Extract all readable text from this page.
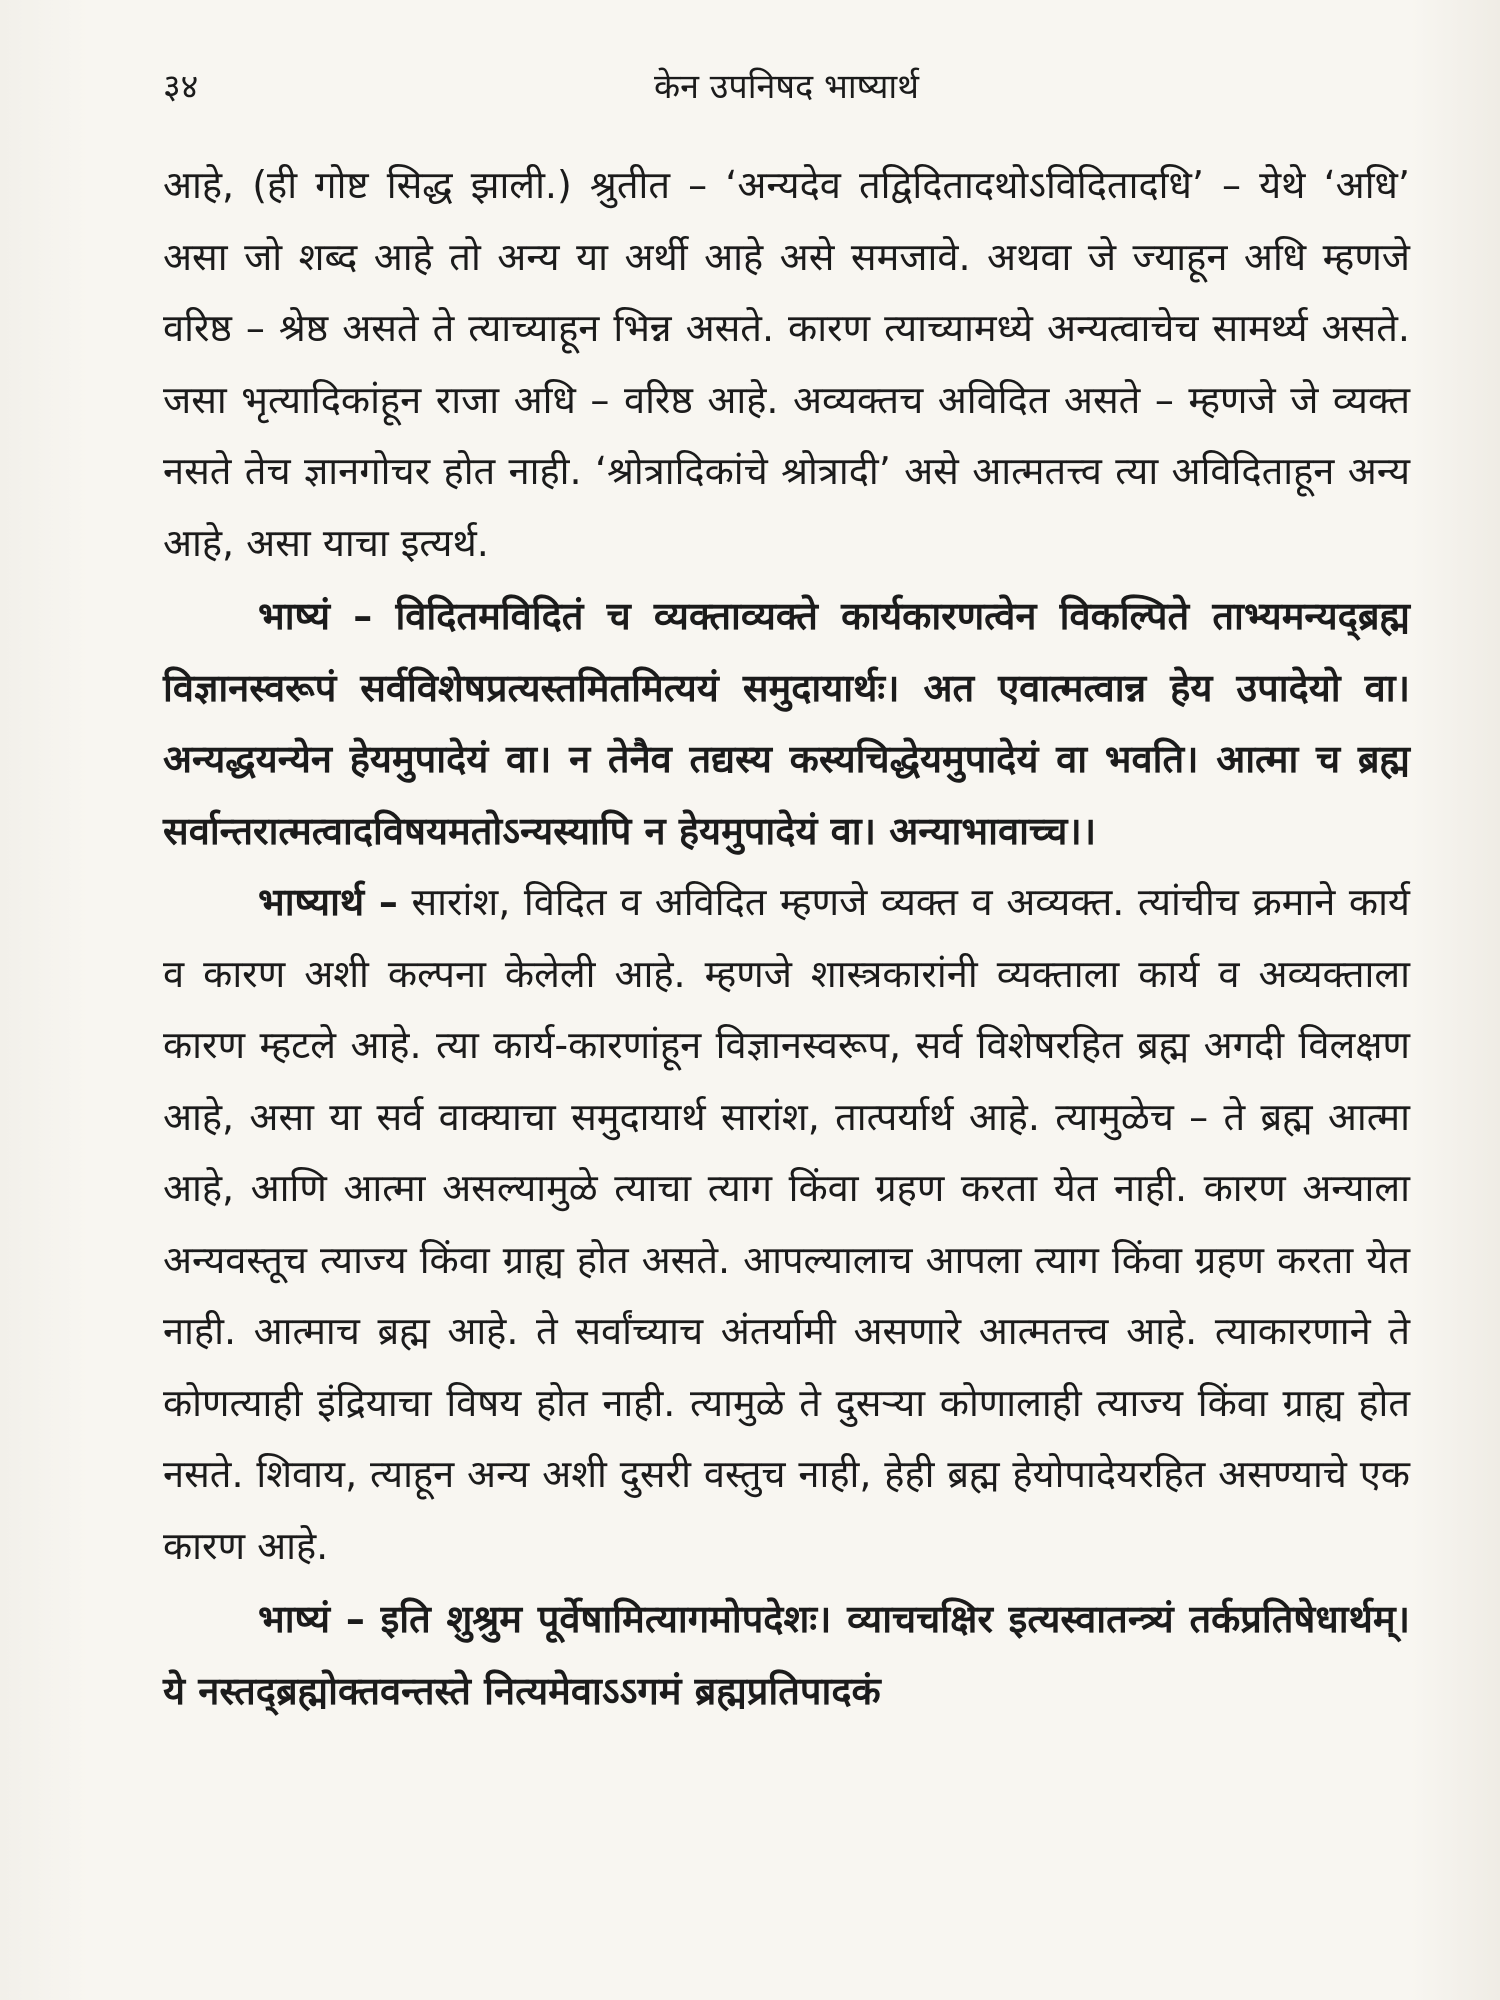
३४	केन उपनिषद भाष्यार्थ

आहे, (ही गोष्ट सिद्ध झाली.) श्रुतीत – ‘अन्यदेव तद्विदितादथोऽविदितादधि’ – येथे ‘अधि’ असा जो शब्द आहे तो अन्य या अर्थी आहे असे समजावे. अथवा जे ज्याहून अधि म्हणजे वरिष्ठ – श्रेष्ठ असते ते त्याच्याहून भिन्न असते. कारण त्याच्यामध्ये अन्यत्वाचेच सामर्थ्य असते. जसा भृत्यादिकांहून राजा अधि – वरिष्ठ आहे. अव्यक्तच अविदित असते – म्हणजे जे व्यक्त नसते तेच ज्ञानगोचर होत नाही. ‘श्रोत्रादिकांचे श्रोत्रादी’ असे आत्मतत्त्व त्या अविदिताहून अन्य आहे, असा याचा इत्यर्थ.

भाष्यं – विदितमविदितं च व्यक्ताव्यक्ते कार्यकारणत्वेन विकल्पिते ताभ्यमन्यद्ब्रह्म विज्ञानस्वरूपं सर्वविशेषप्रत्यस्तमितमित्ययं समुदायार्थः। अत एवात्मत्वान्न हेय उपादेयो वा। अन्यद्धयन्येन हेयमुपादेयं वा। न तेनैव तद्यस्य कस्यचिद्धेयमुपादेयं वा भवति। आत्मा च ब्रह्म सर्वान्तरात्मत्वादविषयमतोऽन्यस्यापि न हेयमुपादेयं वा। अन्याभावाच्च।।

भाष्यार्थ – सारांश, विदित व अविदित म्हणजे व्यक्त व अव्यक्त. त्यांचीच क्रमाने कार्य व कारण अशी कल्पना केलेली आहे. म्हणजे शास्त्रकारांनी व्यक्ताला कार्य व अव्यक्ताला कारण म्हटले आहे. त्या कार्य-कारणांहून विज्ञानस्वरूप, सर्व विशेषरहित ब्रह्म अगदी विलक्षण आहे, असा या सर्व वाक्याचा समुदायार्थ सारांश, तात्पर्यार्थ आहे. त्यामुळेच – ते ब्रह्म आत्मा आहे, आणि आत्मा असल्यामुळे त्याचा त्याग किंवा ग्रहण करता येत नाही. कारण अन्याला अन्यवस्तूच त्याज्य किंवा ग्राह्य होत असते. आपल्यालाच आपला त्याग किंवा ग्रहण करता येत नाही. आत्माच ब्रह्म आहे. ते सर्वांच्याच अंतर्यामी असणारे आत्मतत्त्व आहे. त्याकारणाने ते कोणत्याही इंद्रियाचा विषय होत नाही. त्यामुळे ते दुसऱ्या कोणालाही त्याज्य किंवा ग्राह्य होत नसते. शिवाय, त्याहून अन्य अशी दुसरी वस्तुच नाही, हेही ब्रह्म हेयोपादेयरहित असण्याचे एक कारण आहे.

भाष्यं – इति शुश्रुम पूर्वेषामित्यागमोपदेशः। व्याचचक्षिर इत्यस्वातन्त्र्यं तर्कप्रतिषेधार्थम्। ये नस्तद्ब्रह्मोक्तवन्तस्ते नित्यमेवाऽऽगमं ब्रह्मप्रतिपादकं
